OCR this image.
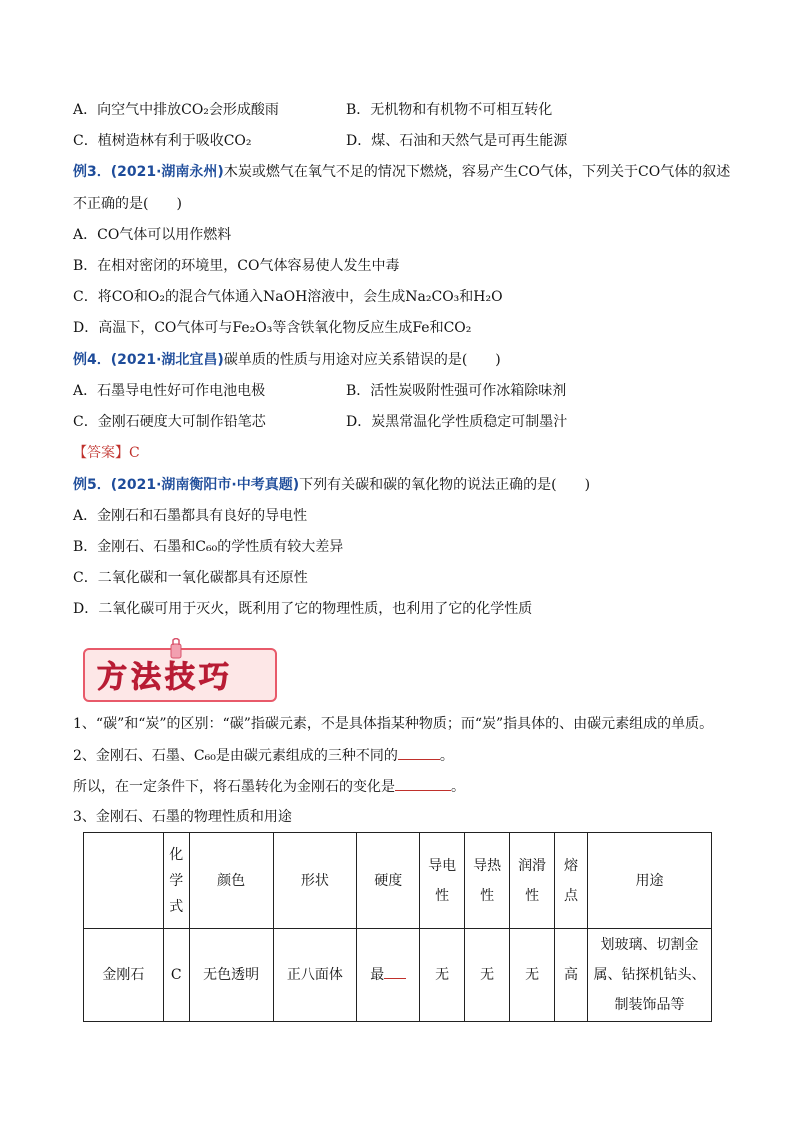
A．向空气中排放CO₂会形成酸雨	B．无机物和有机物不可相互转化
C．植树造林有利于吸收CO₂	D．煤、石油和天然气是可再生能源
例3．(2021·湖南永州)木炭或燃气在氧气不足的情况下燃烧，容易产生CO气体，下列关于CO气体的叙述
不正确的是(　　)
A．CO气体可以用作燃料
B．在相对密闭的环境里，CO气体容易使人发生中毒
C．将CO和O₂的混合气体通入NaOH溶液中，会生成Na₂CO₃和H₂O
D．高温下，CO气体可与Fe₂O₃等含铁氧化物反应生成Fe和CO₂
例4．(2021·湖北宜昌)碳单质的性质与用途对应关系错误的是(　　)
A．石墨导电性好可作电池电极	B．活性炭吸附性强可作冰箱除味剂
C．金刚石硬度大可制作铅笔芯	D．炭黑常温化学性质稳定可制墨汁
【答案】C
例5．(2021·湖南衡阳市·中考真题)下列有关碳和碳的氧化物的说法正确的是(　　)
A．金刚石和石墨都具有良好的导电性
B．金刚石、石墨和C₆₀的学性质有较大差异
C．二氧化碳和一氧化碳都具有还原性
D．二氧化碳可用于灭火，既利用了它的物理性质，也利用了它的化学性质
方法技巧
1、“碳”和“炭”的区别：“碳”指碳元素，不是具体指某种物质；而“炭”指具体的、由碳元素组成的单质。
2、金刚石、石墨、C₆₀是由碳元素组成的三种不同的	。
所以，在一定条件下，将石墨转化为金刚石的变化是	。
3、金刚石、石墨的物理性质和用途

	化学式	颜色	形状	硬度	导电性	导热性	润滑性	熔点	用途
金刚石	C	无色透明	正八面体	最	无	无	无	高	划玻璃、切割金属、钻探机钻头、制装饰品等
